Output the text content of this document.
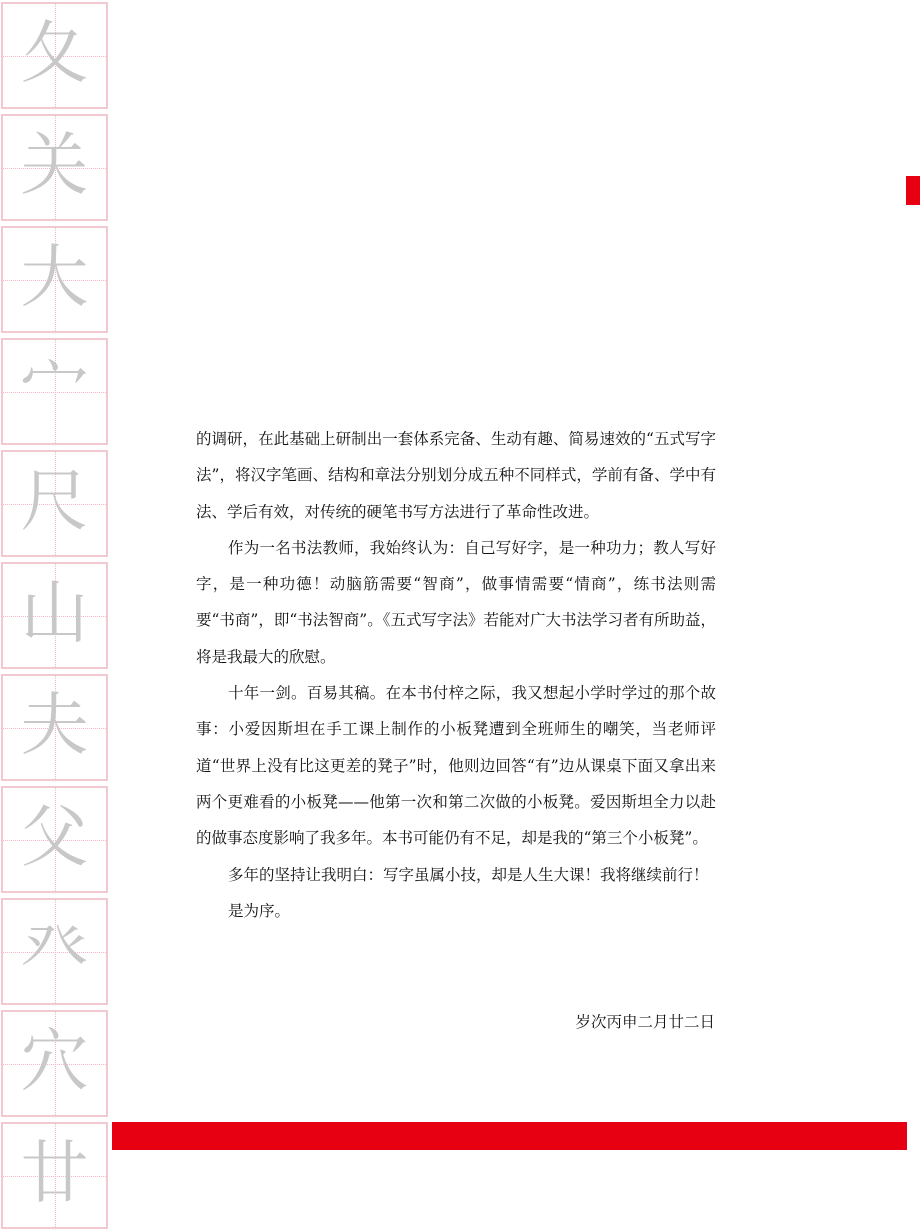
夂
关
大
宀
尺
山
夫
父
癶
穴
廿

的调研，在此基础上研制出一套体系完备、生动有趣、简易速效的“五式写字法”，将汉字笔画、结构和章法分别划分成五种不同样式，学前有备、学中有法、学后有效，对传统的硬笔书写方法进行了革命性改进。

作为一名书法教师，我始终认为：自己写好字，是一种功力；教人写好字，是一种功德！动脑筋需要“智商”，做事情需要“情商”，练书法则需要“书商”，即“书法智商”。《五式写字法》若能对广大书法学习者有所助益，将是我最大的欣慰。

十年一剑。百易其稿。在本书付梓之际，我又想起小学时学过的那个故事：小爱因斯坦在手工课上制作的小板凳遭到全班师生的嘲笑，当老师评道“世界上没有比这更差的凳子”时，他则边回答“有”边从课桌下面又拿出来两个更难看的小板凳——他第一次和第二次做的小板凳。爱因斯坦全力以赴的做事态度影响了我多年。本书可能仍有不足，却是我的“第三个小板凳”。

多年的坚持让我明白：写字虽属小技，却是人生大课！我将继续前行！

是为序。

岁次丙申二月廿二日
